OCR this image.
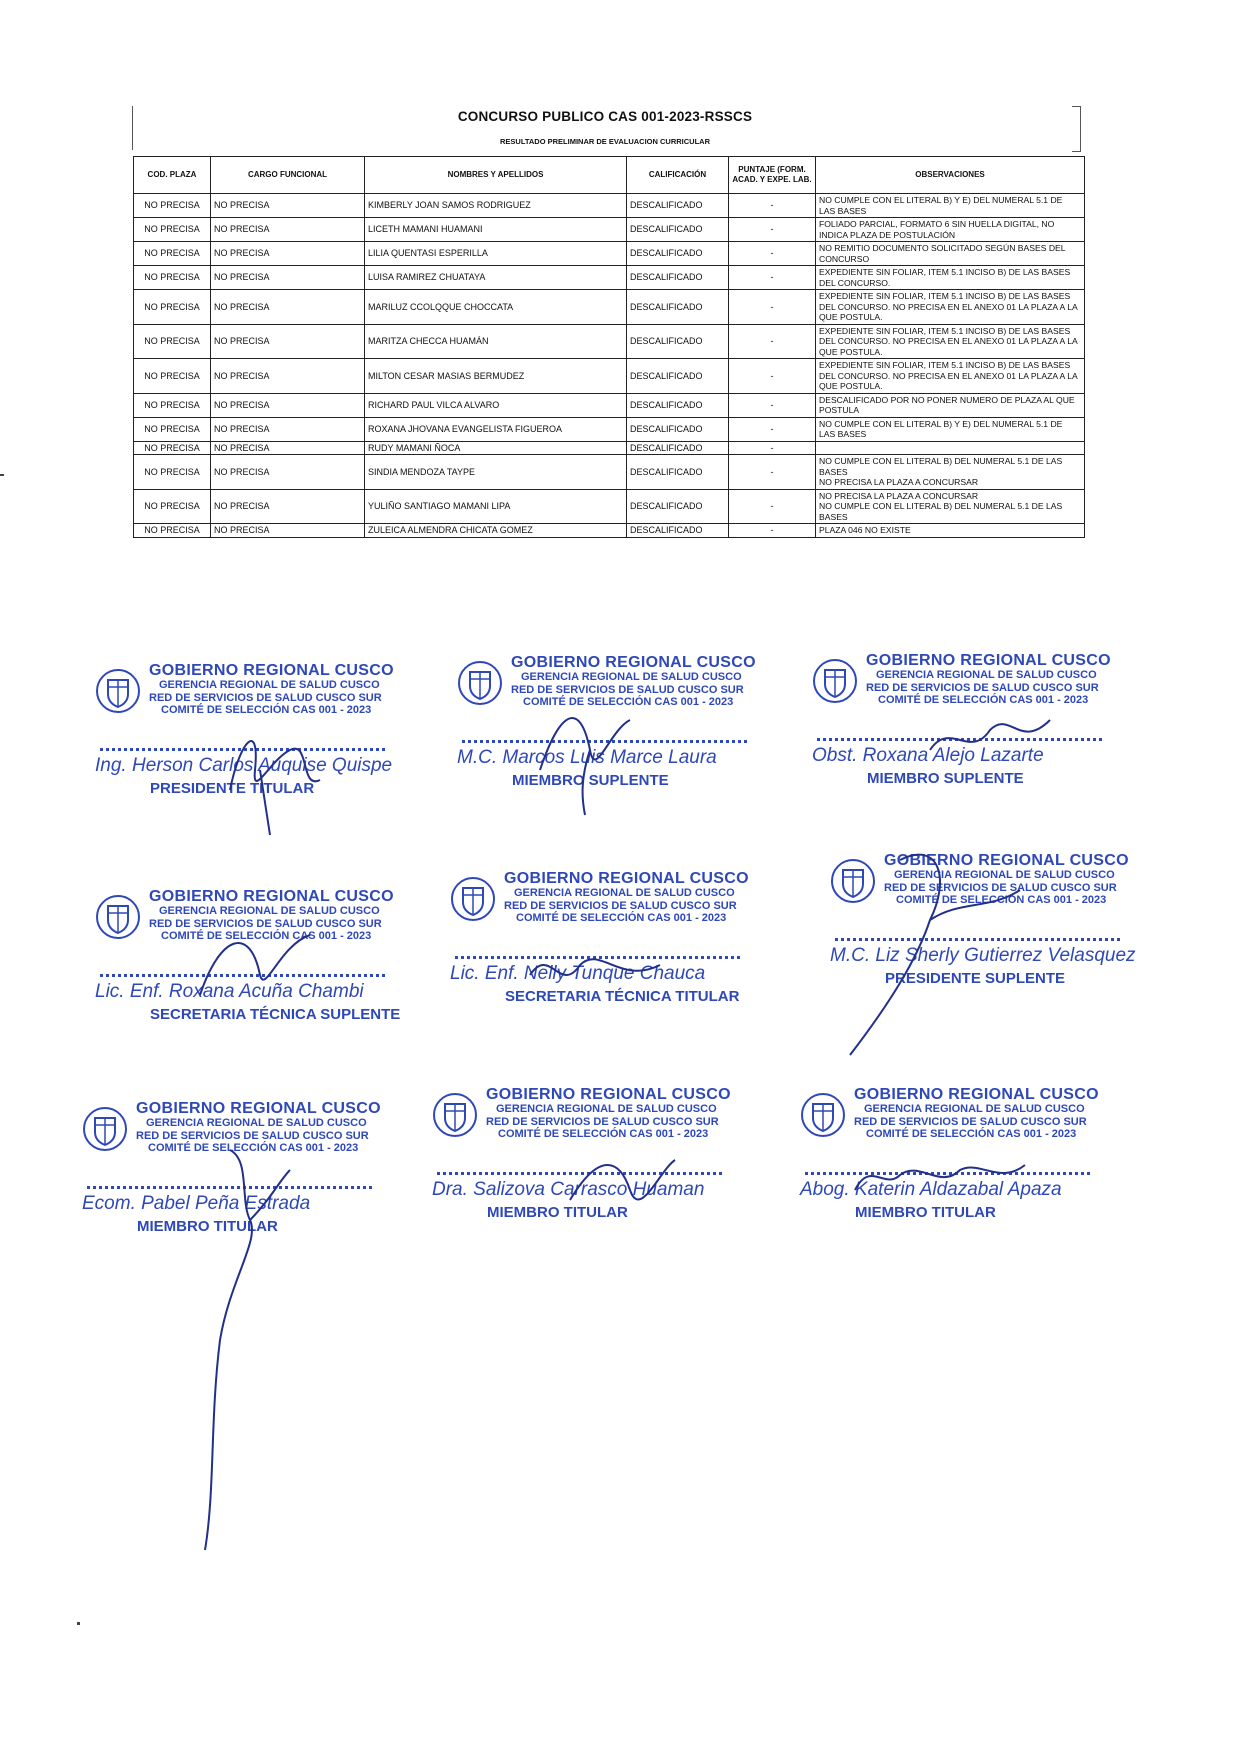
CONCURSO PUBLICO CAS 001-2023-RSSCS
RESULTADO PRELIMINAR DE EVALUACION CURRICULAR
COD. PLAZA	CARGO FUNCIONAL	NOMBRES Y APELLIDOS	CALIFICACIÓN	PUNTAJE (FORM. ACAD. Y EXPE. LAB.	OBSERVACIONES
NO PRECISA	NO PRECISA	KIMBERLY JOAN SAMOS RODRIGUEZ	DESCALIFICADO	-	NO CUMPLE CON EL LITERAL B) Y E) DEL NUMERAL 5.1 DE LAS BASES
NO PRECISA	NO PRECISA	LICETH MAMANI HUAMANI	DESCALIFICADO	-	FOLIADO PARCIAL, FORMATO 6 SIN HUELLA DIGITAL, NO INDICA PLAZA DE POSTULACIÓN
NO PRECISA	NO PRECISA	LILIA QUENTASI ESPERILLA	DESCALIFICADO	-	NO REMITIO DOCUMENTO SOLICITADO SEGÚN BASES DEL CONCURSO
NO PRECISA	NO PRECISA	LUISA RAMIREZ CHUATAYA	DESCALIFICADO	-	EXPEDIENTE SIN FOLIAR, ITEM 5.1 INCISO B) DE LAS BASES DEL CONCURSO.
NO PRECISA	NO PRECISA	MARILUZ CCOLQQUE CHOCCATA	DESCALIFICADO	-	EXPEDIENTE SIN FOLIAR, ITEM 5.1 INCISO B) DE LAS BASES DEL CONCURSO. NO PRECISA EN EL ANEXO 01 LA PLAZA A LA QUE POSTULA.
NO PRECISA	NO PRECISA	MARITZA CHECCA HUAMÁN	DESCALIFICADO	-	EXPEDIENTE SIN FOLIAR, ITEM 5.1 INCISO B) DE LAS BASES DEL CONCURSO. NO PRECISA EN EL ANEXO 01 LA PLAZA A LA QUE POSTULA.
NO PRECISA	NO PRECISA	MILTON CESAR MASIAS BERMUDEZ	DESCALIFICADO	-	EXPEDIENTE SIN FOLIAR, ITEM 5.1 INCISO B) DE LAS BASES DEL CONCURSO. NO PRECISA EN EL ANEXO 01 LA PLAZA A LA QUE POSTULA.
NO PRECISA	NO PRECISA	RICHARD PAUL VILCA ALVARO	DESCALIFICADO	-	DESCALIFICADO POR NO PONER NUMERO DE PLAZA AL QUE POSTULA
NO PRECISA	NO PRECISA	ROXANA JHOVANA EVANGELISTA FIGUEROA	DESCALIFICADO	-	NO CUMPLE CON EL LITERAL B) Y E) DEL NUMERAL 5.1 DE LAS BASES
NO PRECISA	NO PRECISA	RUDY MAMANI ÑOCA	DESCALIFICADO	-	
NO PRECISA	NO PRECISA	SINDIA MENDOZA TAYPE	DESCALIFICADO	-	NO CUMPLE CON EL LITERAL B) DEL NUMERAL 5.1 DE LAS BASES
NO PRECISA LA PLAZA A CONCURSAR
NO PRECISA	NO PRECISA	YULIÑO SANTIAGO MAMANI LIPA	DESCALIFICADO	-	NO PRECISA LA PLAZA A CONCURSAR
NO CUMPLE CON EL LITERAL B) DEL NUMERAL 5.1 DE LAS BASES
NO PRECISA	NO PRECISA	ZULEICA ALMENDRA CHICATA GOMEZ	DESCALIFICADO	-	PLAZA 046 NO EXISTE
GOBIERNO REGIONAL CUSCO
GERENCIA REGIONAL DE SALUD CUSCO
RED DE SERVICIOS DE SALUD CUSCO SUR
COMITÉ DE SELECCIÓN CAS 001 - 2023
Ing. Herson Carlos Auquise Quispe
PRESIDENTE TITULAR
GOBIERNO REGIONAL CUSCO
GERENCIA REGIONAL DE SALUD CUSCO
RED DE SERVICIOS DE SALUD CUSCO SUR
COMITÉ DE SELECCIÓN CAS 001 - 2023
M.C. Marcos Luis Marce Laura
MIEMBRO SUPLENTE
GOBIERNO REGIONAL CUSCO
GERENCIA REGIONAL DE SALUD CUSCO
RED DE SERVICIOS DE SALUD CUSCO SUR
COMITÉ DE SELECCIÓN CAS 001 - 2023
Obst. Roxana Alejo Lazarte
MIEMBRO SUPLENTE
GOBIERNO REGIONAL CUSCO
GERENCIA REGIONAL DE SALUD CUSCO
RED DE SERVICIOS DE SALUD CUSCO SUR
COMITÉ DE SELECCIÓN CAS 001 - 2023
Lic. Enf. Roxana Acuña Chambi
SECRETARIA TÉCNICA SUPLENTE
GOBIERNO REGIONAL CUSCO
GERENCIA REGIONAL DE SALUD CUSCO
RED DE SERVICIOS DE SALUD CUSCO SUR
COMITÉ DE SELECCIÓN CAS 001 - 2023
Lic. Enf. Nelly Tunque Chauca
SECRETARIA TÉCNICA TITULAR
GOBIERNO REGIONAL CUSCO
GERENCIA REGIONAL DE SALUD CUSCO
RED DE SERVICIOS DE SALUD CUSCO SUR
COMITÉ DE SELECCIÓN CAS 001 - 2023
M.C. Liz Sherly Gutierrez Velasquez
PRESIDENTE SUPLENTE
GOBIERNO REGIONAL CUSCO
GERENCIA REGIONAL DE SALUD CUSCO
RED DE SERVICIOS DE SALUD CUSCO SUR
COMITÉ DE SELECCIÓN CAS 001 - 2023
Ecom. Pabel Peña Estrada
MIEMBRO TITULAR
GOBIERNO REGIONAL CUSCO
GERENCIA REGIONAL DE SALUD CUSCO
RED DE SERVICIOS DE SALUD CUSCO SUR
COMITÉ DE SELECCIÓN CAS 001 - 2023
Dra. Salizova Carrasco Huaman
MIEMBRO TITULAR
GOBIERNO REGIONAL CUSCO
GERENCIA REGIONAL DE SALUD CUSCO
RED DE SERVICIOS DE SALUD CUSCO SUR
COMITÉ DE SELECCIÓN CAS 001 - 2023
Abog. Katerin Aldazabal Apaza
MIEMBRO TITULAR
